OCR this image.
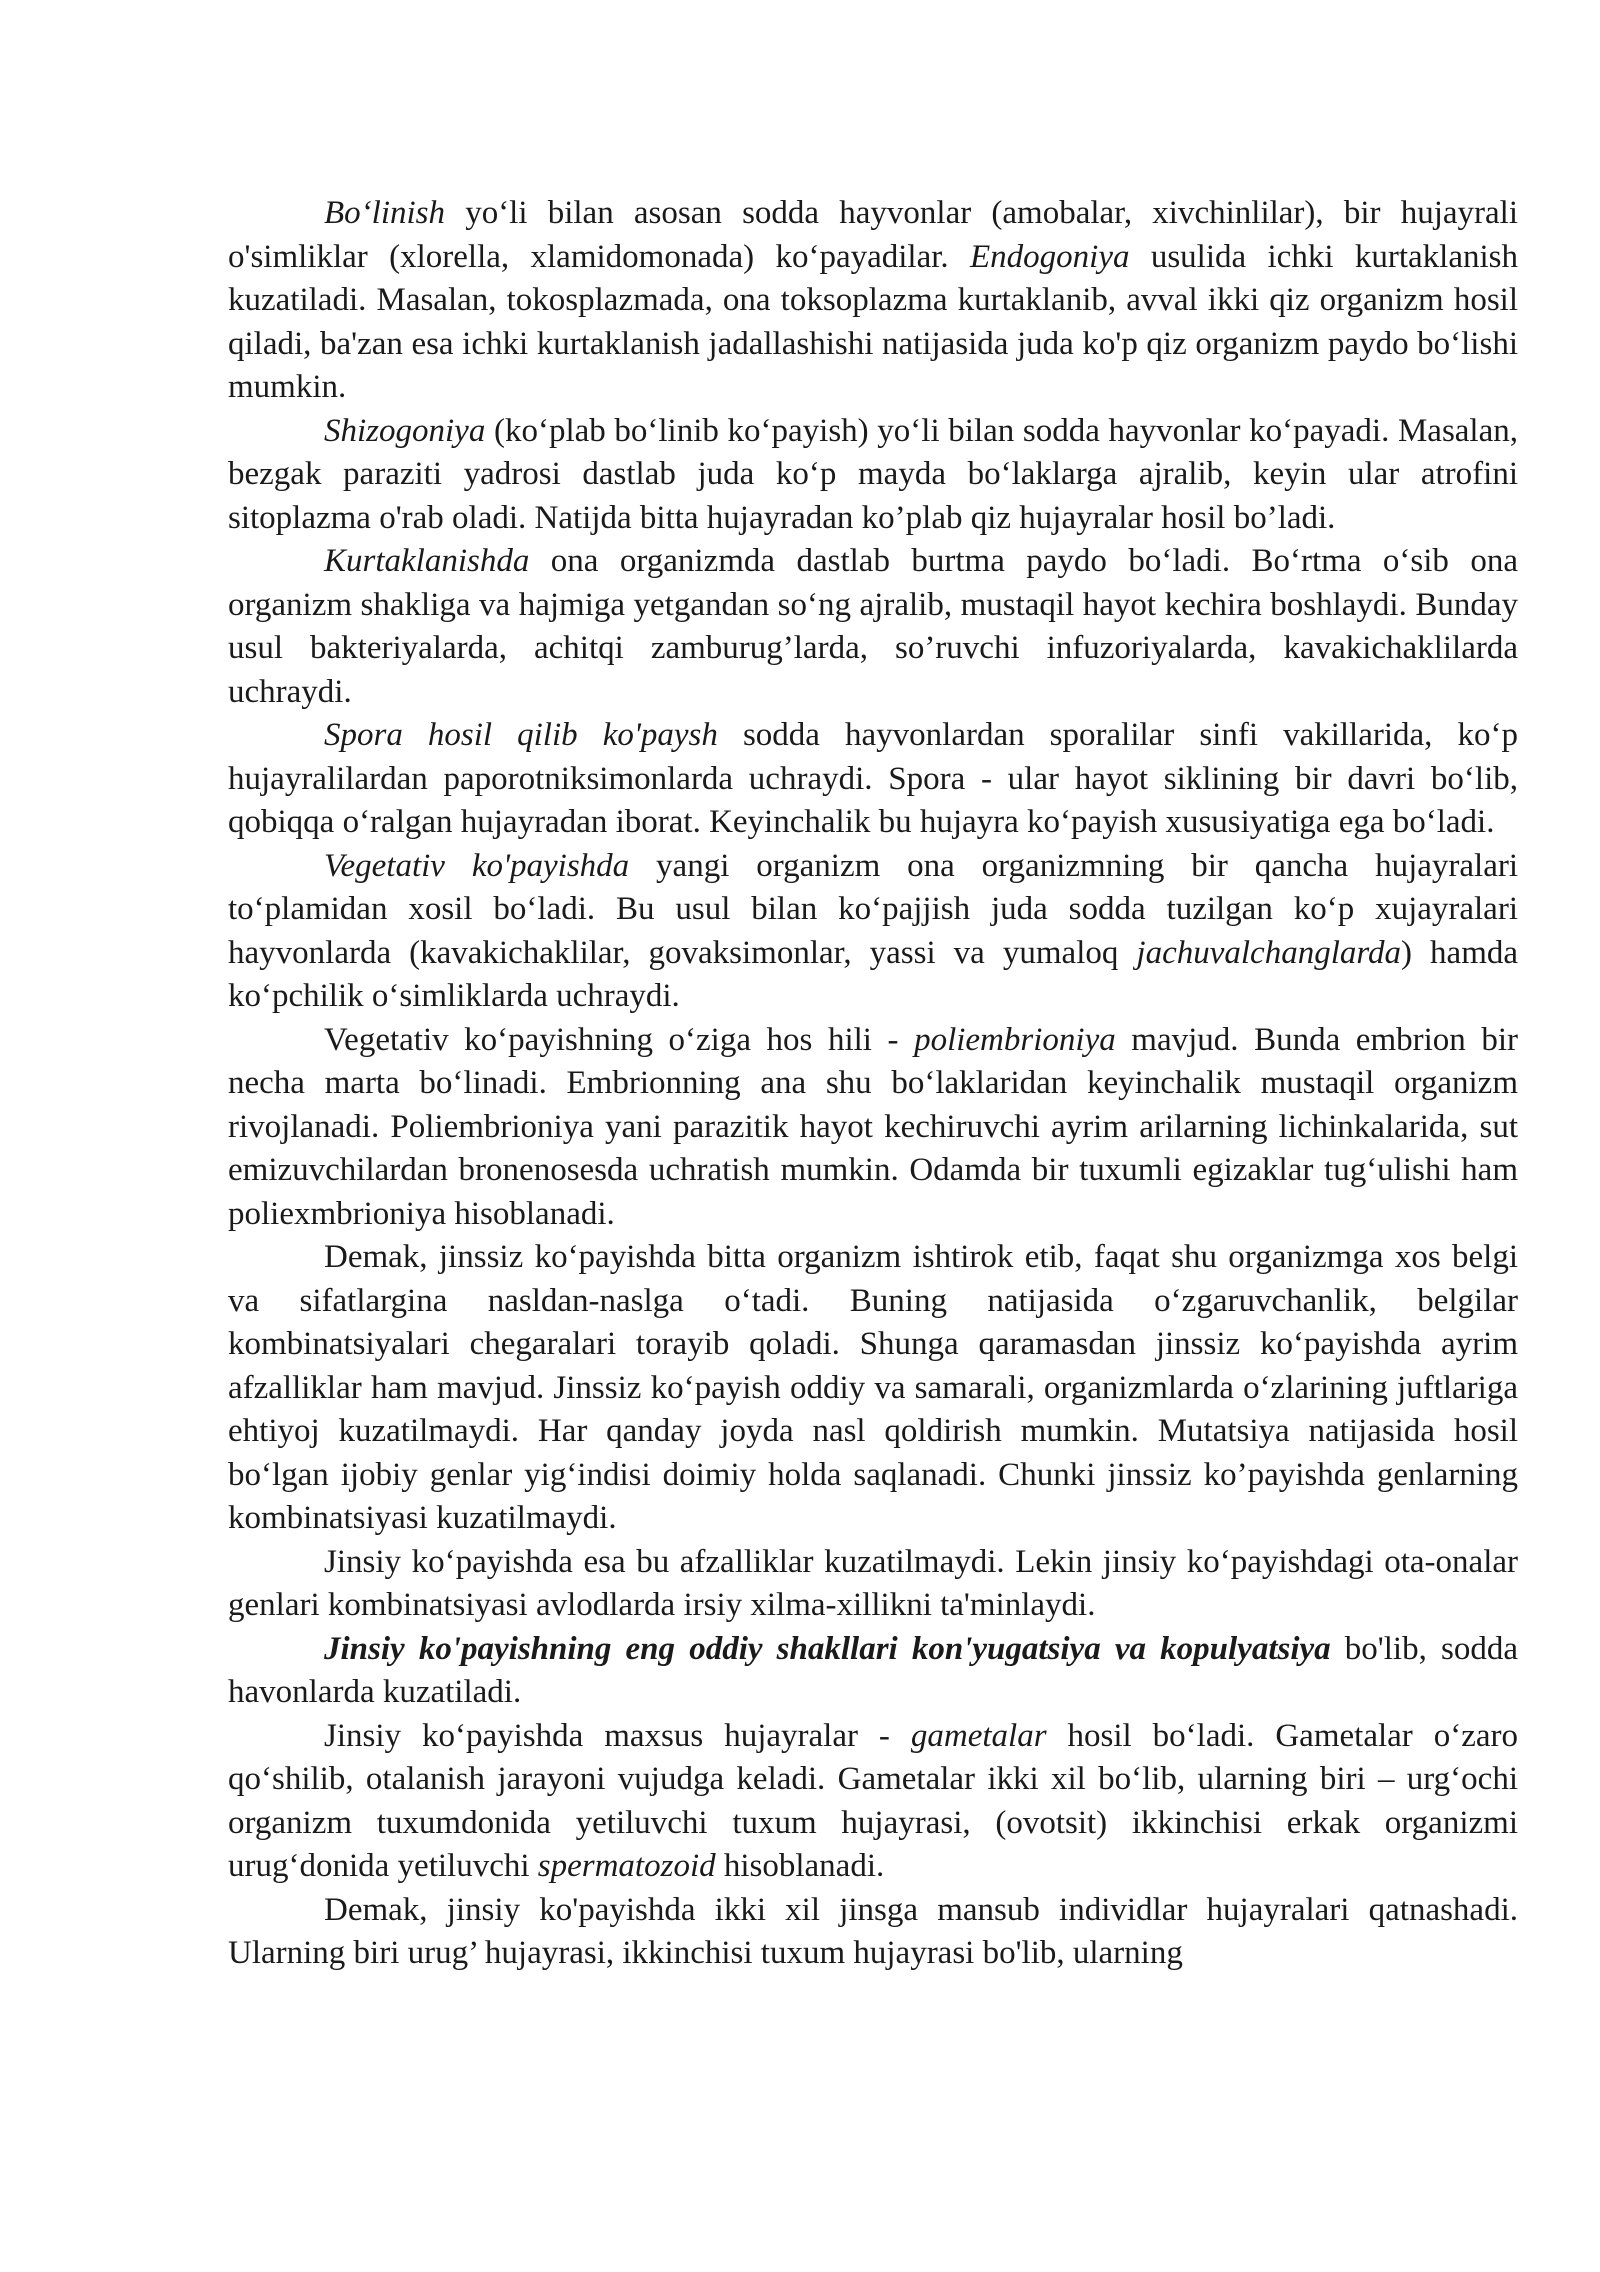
Bo‘linish yo‘li bilan asosan sodda hayvonlar (amobalar, xivchinlilar), bir hujayrali o'simliklar (xlorella, xlamidomonada) ko‘payadilar. Endogoniya usulida ichki kurtaklanish kuzatiladi. Masalan, tokosplazmada, ona toksoplazma kurtaklanib, avval ikki qiz organizm hosil qiladi, ba'zan esa ichki kurtaklanish jadallashishi natijasida juda ko'p qiz organizm paydo bo‘lishi mumkin.

Shizogoniya (ko‘plab bo‘linib ko‘payish) yo‘li bilan sodda hayvonlar ko‘payadi. Masalan, bezgak paraziti yadrosi dastlab juda ko‘p mayda bo‘laklarga ajralib, keyin ular atrofini sitoplazma o'rab oladi. Natijda bitta hujayradan ko’plab qiz hujayralar hosil bo’ladi.

Kurtaklanishda ona organizmda dastlab burtma paydo bo‘ladi. Bo‘rtma o‘sib ona organizm shakliga va hajmiga yetgandan so‘ng ajralib, mustaqil hayot kechira boshlaydi. Bunday usul bakteriyalarda, achitqi zamburug’larda, so’ruvchi infuzoriyalarda, kavakichaklilarda uchraydi.

Spora hosil qilib ko'paysh sodda hayvonlardan sporalilar sinfi vakillarida, ko‘p hujayralilardan paporotniksimonlarda uchraydi. Spora - ular hayot siklining bir davri bo‘lib, qobiqqa o‘ralgan hujayradan iborat. Keyinchalik bu hujayra ko‘payish xususiyatiga ega bo‘ladi.

Vegetativ ko'payishda yangi organizm ona organizmning bir qancha hujayralari to‘plamidan xosil bo‘ladi. Bu usul bilan ko‘pajjish juda sodda tuzilgan ko‘p xujayralari hayvonlarda (kavakichaklilar, govaksimonlar, yassi va yumaloq jachuvalchanglarda) hamda ko‘pchilik o‘simliklarda uchraydi.

Vegetativ ko‘payishning o‘ziga hos hili - poliembrioniya mavjud. Bunda embrion bir necha marta bo‘linadi. Embrionning ana shu bo‘laklaridan keyinchalik mustaqil organizm rivojlanadi. Poliembrioniya yani parazitik hayot kechiruvchi ayrim arilarning lichinkalarida, sut emizuvchilardan bronenosesda uchratish mumkin. Odamda bir tuxumli egizaklar tug‘ulishi ham poliexmbrioniya hisoblanadi.

Demak, jinssiz ko‘payishda bitta organizm ishtirok etib, faqat shu organizmga xos belgi va sifatlargina nasldan-naslga o‘tadi. Buning natijasida o‘zgaruvchanlik, belgilar kombinatsiyalari chegaralari torayib qoladi. Shunga qaramasdan jinssiz ko‘payishda ayrim afzalliklar ham mavjud. Jinssiz ko‘payish oddiy va samarali, organizmlarda o‘zlarining juftlariga ehtiyoj kuzatilmaydi. Har qanday joyda nasl qoldirish mumkin. Mutatsiya natijasida hosil bo‘lgan ijobiy genlar yig‘indisi doimiy holda saqlanadi. Chunki jinssiz ko’payishda genlarning kombinatsiyasi kuzatilmaydi.

Jinsiy ko‘payishda esa bu afzalliklar kuzatilmaydi. Lekin jinsiy ko‘payishdagi ota-onalar genlari kombinatsiyasi avlodlarda irsiy xilma-xillikni ta'minlaydi.

Jinsiy ko'payishning eng oddiy shakllari kon'yugatsiya va kopulyatsiya bo'lib, sodda havonlarda kuzatiladi.

Jinsiy ko‘payishda maxsus hujayralar - gametalar hosil bo‘ladi. Gametalar o‘zaro qo‘shilib, otalanish jarayoni vujudga keladi. Gametalar ikki xil bo‘lib, ularning biri – urg‘ochi organizm tuxumdonida yetiluvchi tuxum hujayrasi, (ovotsit) ikkinchisi erkak organizmi urug‘donida yetiluvchi spermatozoid hisoblanadi.

Demak, jinsiy ko'payishda ikki xil jinsga mansub individlar hujayralari qatnashadi. Ularning biri urug’ hujayrasi, ikkinchisi tuxum hujayrasi bo'lib, ularning
